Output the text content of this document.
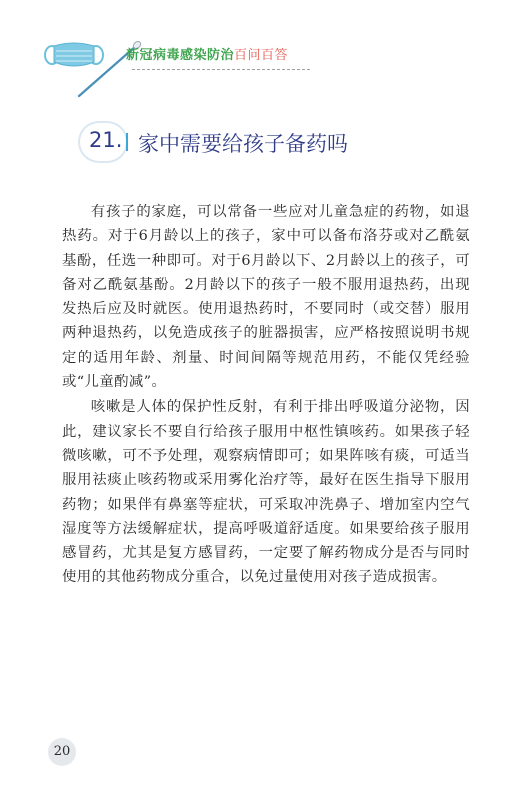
新冠病毒感染防治百问百答
21. 家中需要给孩子备药吗

有孩子的家庭，可以常备一些应对儿童急症的药物，如退热药。对于6月龄以上的孩子，家中可以备布洛芬或对乙酰氨基酚，任选一种即可。对于6月龄以下、2月龄以上的孩子，可备对乙酰氨基酚。2月龄以下的孩子一般不服用退热药，出现发热后应及时就医。使用退热药时，不要同时（或交替）服用两种退热药，以免造成孩子的脏器损害，应严格按照说明书规定的适用年龄、剂量、时间间隔等规范用药，不能仅凭经验或“儿童酌减”。

咳嗽是人体的保护性反射，有利于排出呼吸道分泌物，因此，建议家长不要自行给孩子服用中枢性镇咳药。如果孩子轻微咳嗽，可不予处理，观察病情即可；如果阵咳有痰，可适当服用祛痰止咳药物或采用雾化治疗等，最好在医生指导下服用药物；如果伴有鼻塞等症状，可采取冲洗鼻子、增加室内空气湿度等方法缓解症状，提高呼吸道舒适度。如果要给孩子服用感冒药，尤其是复方感冒药，一定要了解药物成分是否与同时使用的其他药物成分重合，以免过量使用对孩子造成损害。

20
